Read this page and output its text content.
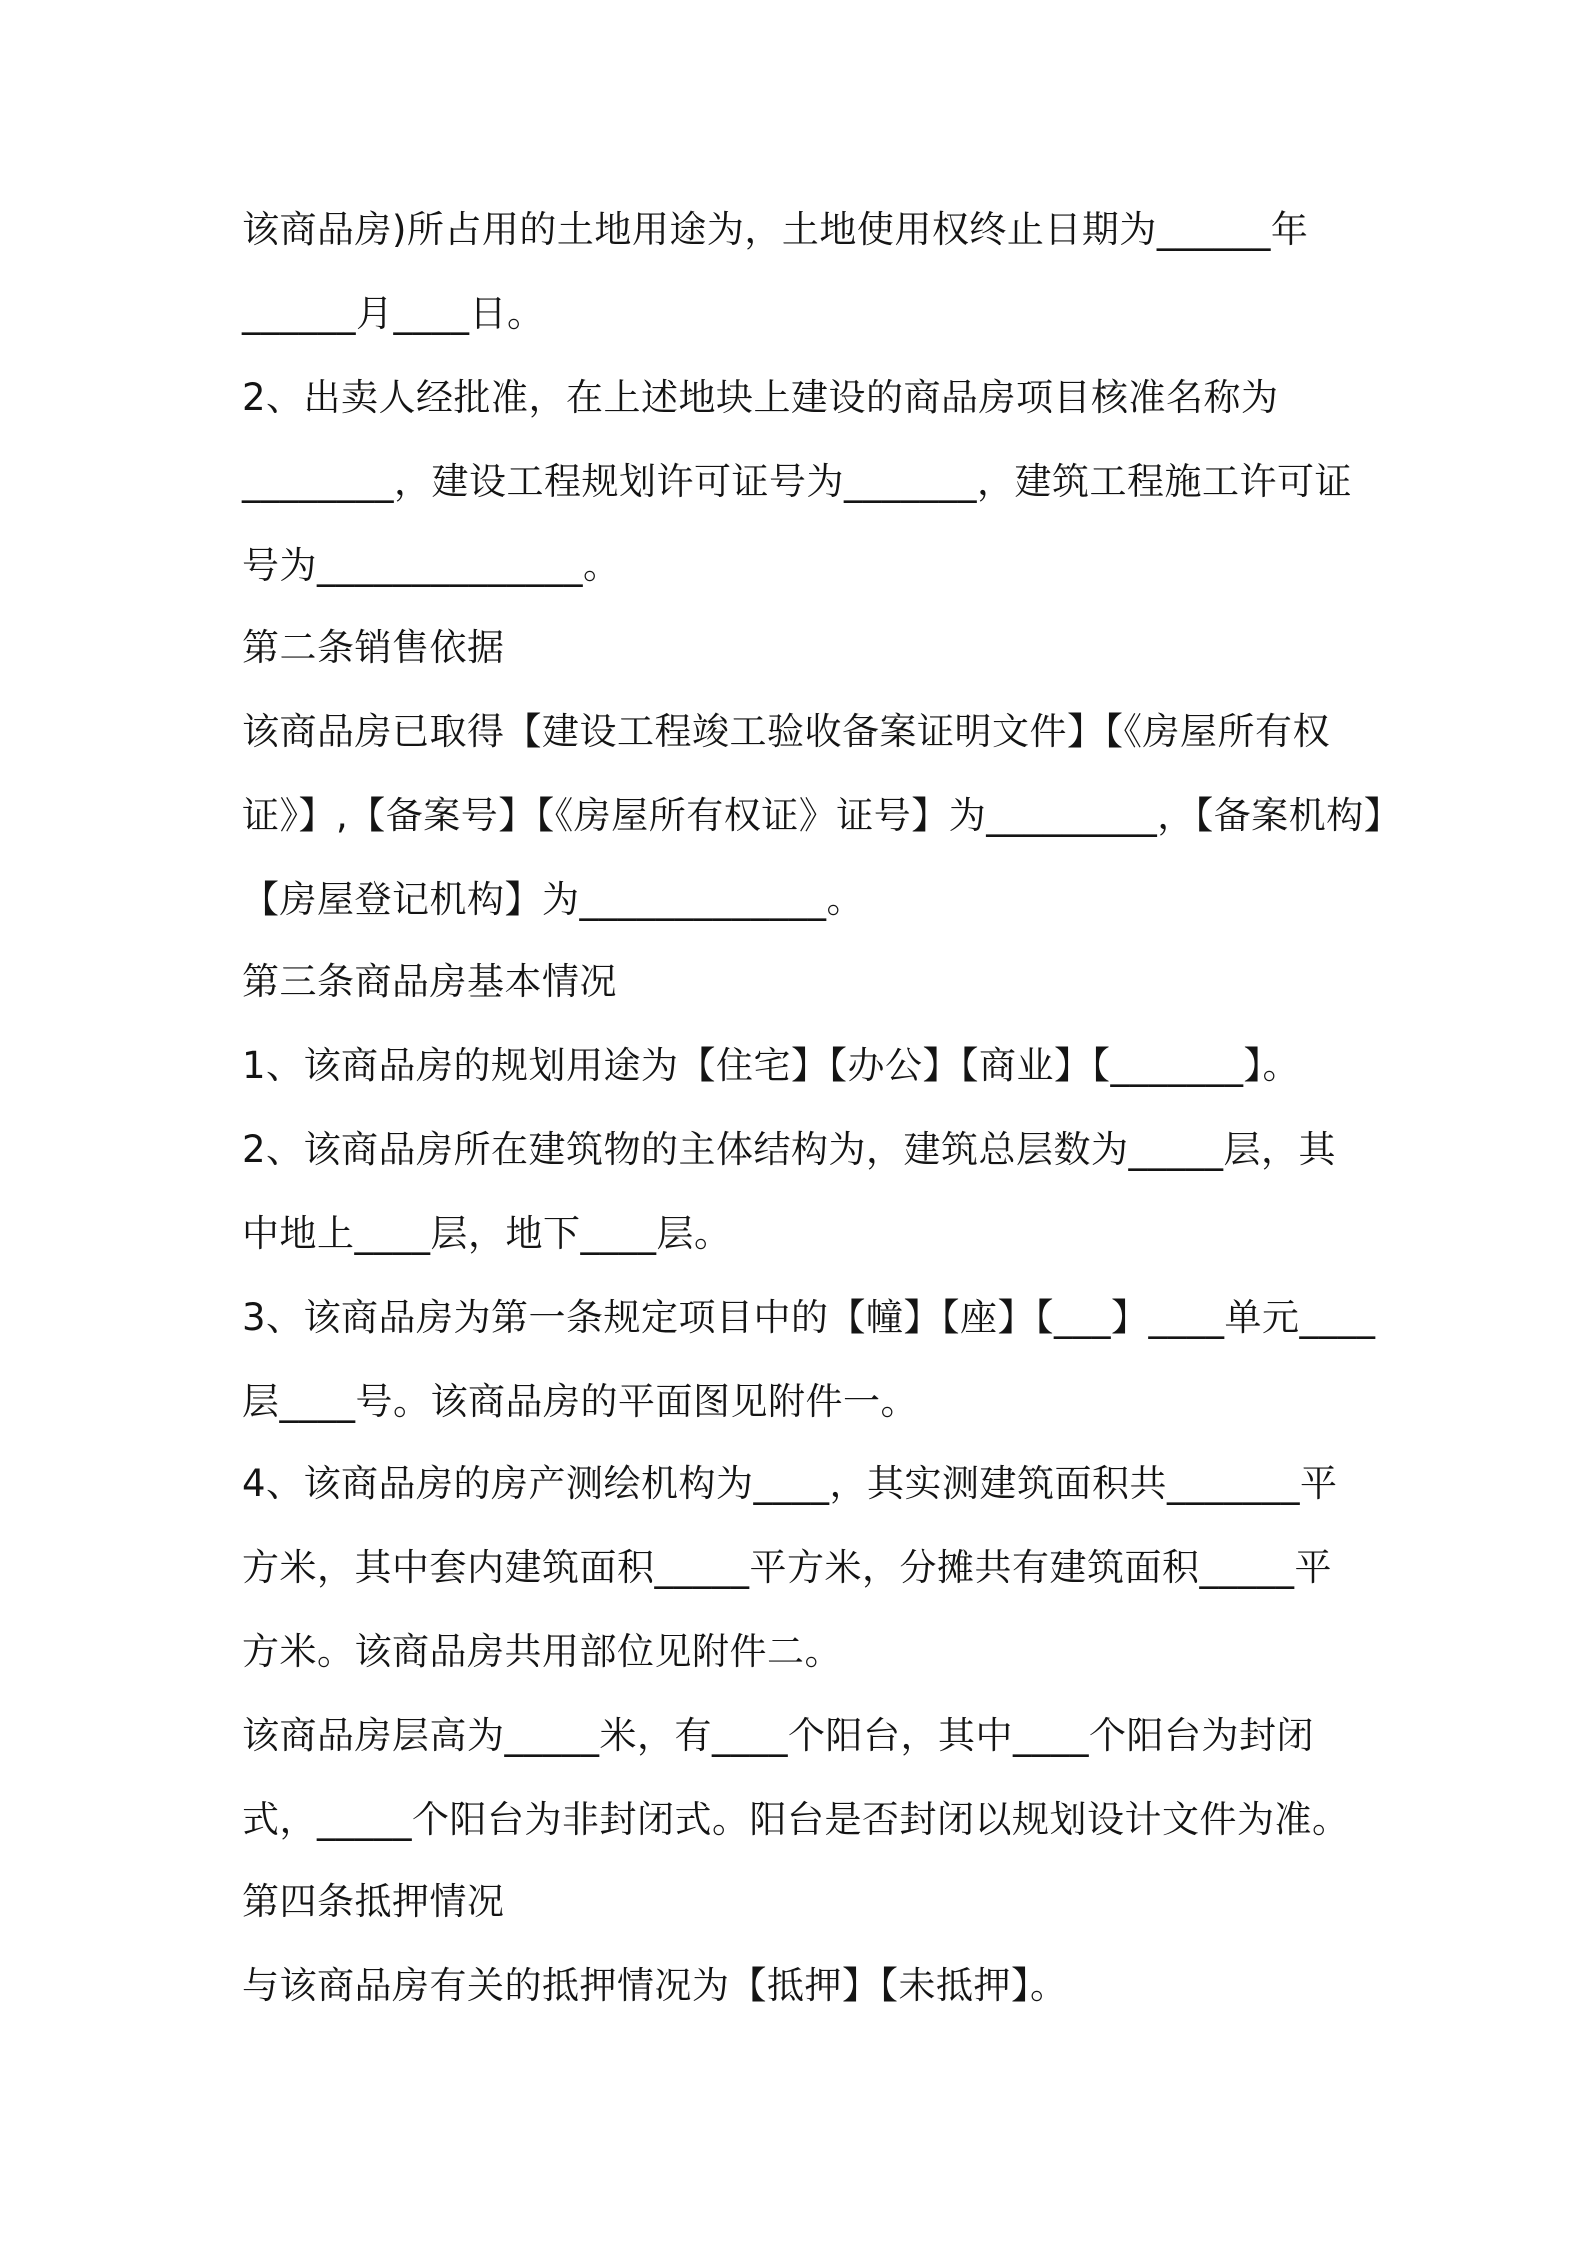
该商品房)所占用的土地用途为，土地使用权终止日期为______年
______月____日。
2、出卖人经批准，在上述地块上建设的商品房项目核准名称为
________，建设工程规划许可证号为_______，建筑工程施工许可证
号为______________。
第二条销售依据
该商品房已取得【建设工程竣工验收备案证明文件】【《房屋所有权
证》】,【备案号】【《房屋所有权证》证号】为_________，【备案机构】
【房屋登记机构】为_____________。
第三条商品房基本情况
1、该商品房的规划用途为【住宅】【办公】【商业】【_______】。
2、该商品房所在建筑物的主体结构为，建筑总层数为_____层，其
中地上____层，地下____层。
3、该商品房为第一条规定项目中的【幢】【座】【___】____单元____
层____号。该商品房的平面图见附件一。
4、该商品房的房产测绘机构为____，其实测建筑面积共_______平
方米，其中套内建筑面积_____平方米，分摊共有建筑面积_____平
方米。该商品房共用部位见附件二。
该商品房层高为_____米，有____个阳台，其中____个阳台为封闭
式，_____个阳台为非封闭式。阳台是否封闭以规划设计文件为准。
第四条抵押情况
与该商品房有关的抵押情况为【抵押】【未抵押】。
